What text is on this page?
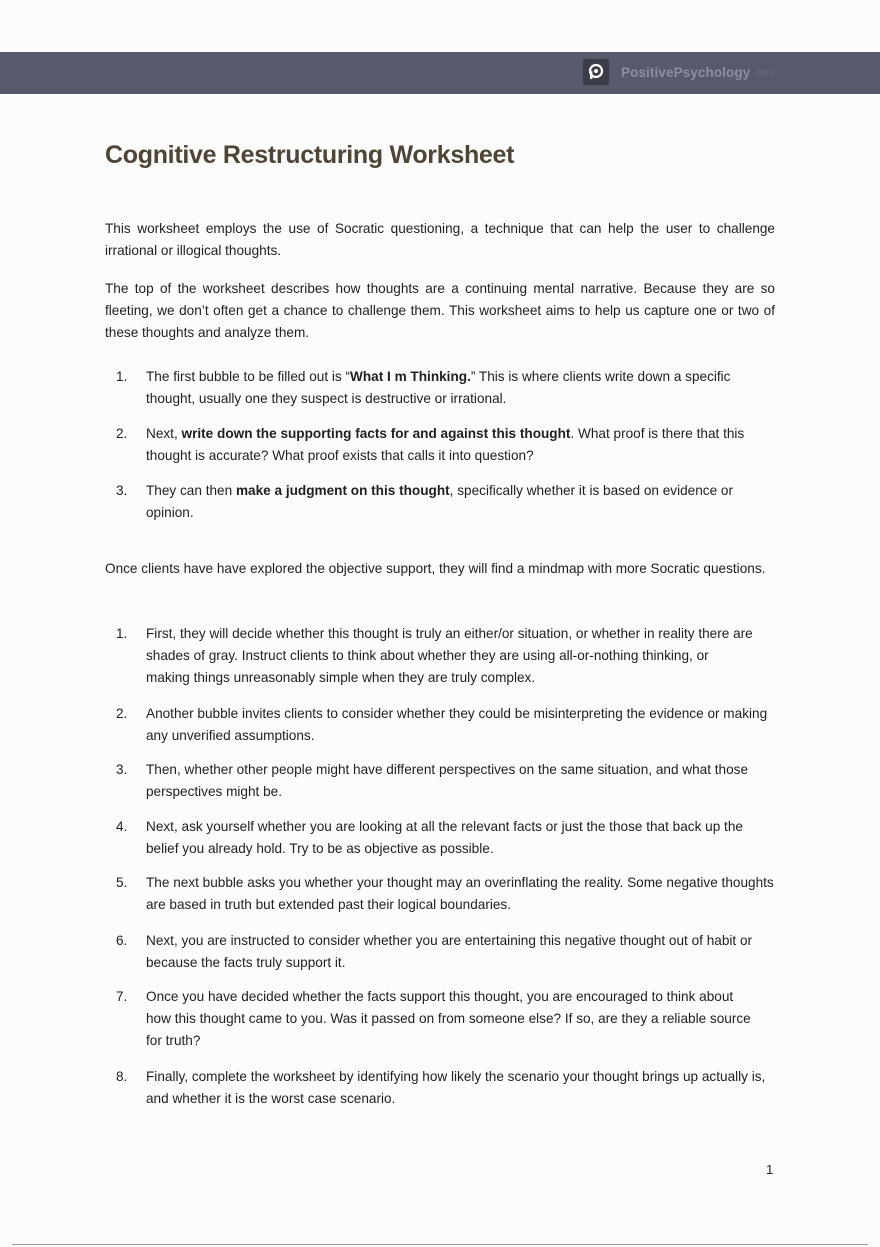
PositivePsychology .com
Cognitive Restructuring Worksheet

This worksheet employs the use of Socratic questioning, a technique that can help the user to challenge irrational or illogical thoughts.

The top of the worksheet describes how thoughts are a continuing mental narrative. Because they are so fleeting, we don’t often get a chance to challenge them. This worksheet aims to help us capture one or two of these thoughts and analyze them.

1. The first bubble to be filled out is “What I m Thinking.” This is where clients write down a specific thought, usually one they suspect is destructive or irrational.
2. Next, write down the supporting facts for and against this thought. What proof is there that this thought is accurate? What proof exists that calls it into question?
3. They can then make a judgment on this thought, specifically whether it is based on evidence or opinion.

Once clients have have explored the objective support, they will find a mindmap with more Socratic questions.

1. First, they will decide whether this thought is truly an either/or situation, or whether in reality there are shades of gray. Instruct clients to think about whether they are using all-or-nothing thinking, or making things unreasonably simple when they are truly complex.
2. Another bubble invites clients to consider whether they could be misinterpreting the evidence or making any unverified assumptions.
3. Then, whether other people might have different perspectives on the same situation, and what those perspectives might be.
4. Next, ask yourself whether you are looking at all the relevant facts or just the those that back up the belief you already hold. Try to be as objective as possible.
5. The next bubble asks you whether your thought may an overinflating the reality. Some negative thoughts are based in truth but extended past their logical boundaries.
6. Next, you are instructed to consider whether you are entertaining this negative thought out of habit or because the facts truly support it.
7. Once you have decided whether the facts support this thought, you are encouraged to think about how this thought came to you. Was it passed on from someone else? If so, are they a reliable source for truth?
8. Finally, complete the worksheet by identifying how likely the scenario your thought brings up actually is, and whether it is the worst case scenario.
1
